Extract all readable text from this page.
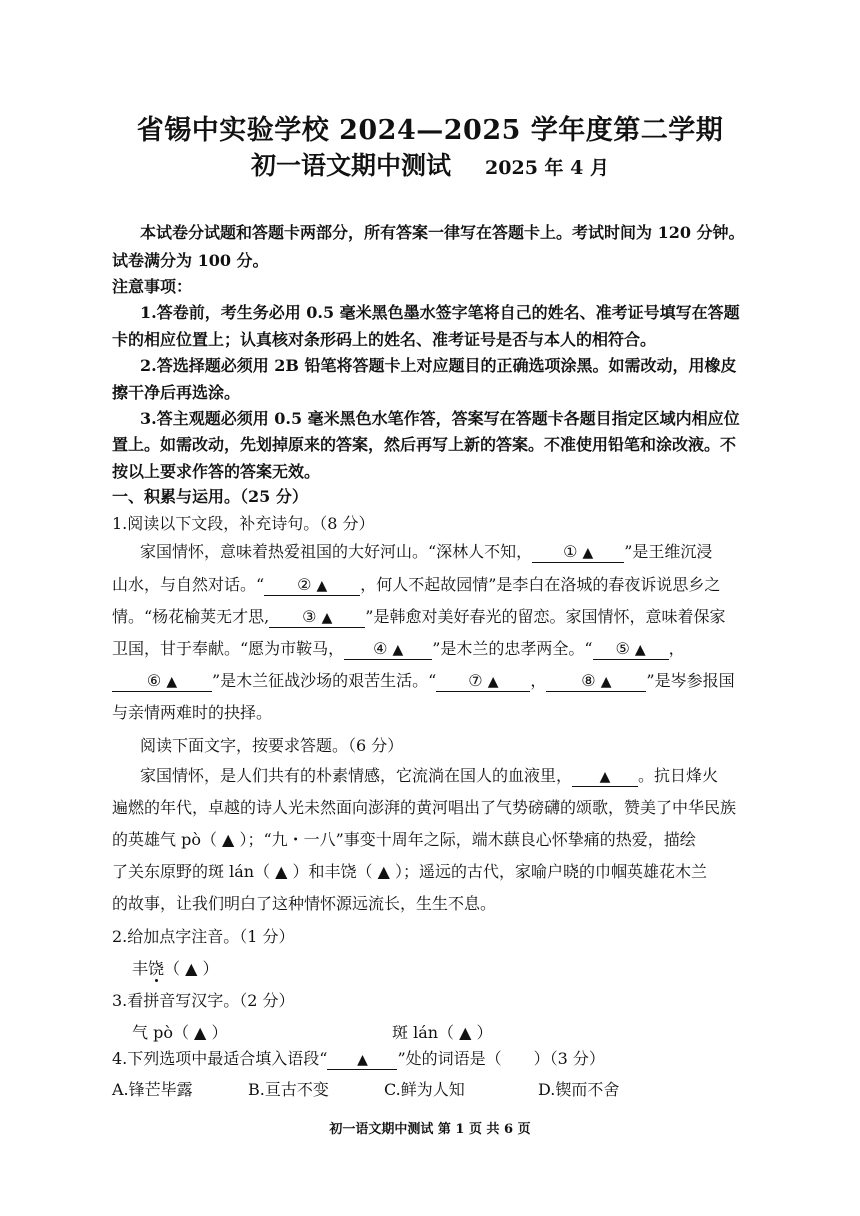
省锡中实验学校 2024—2025 学年度第二学期
初一语文期中测试 2025 年 4 月
本试卷分试题和答题卡两部分，所有答案一律写在答题卡上。考试时间为 120 分钟。
试卷满分为 100 分。
注意事项：
1.答卷前，考生务必用 0.5 毫米黑色墨水签字笔将自己的姓名、准考证号填写在答题
卡的相应位置上；认真核对条形码上的姓名、准考证号是否与本人的相符合。
2.答选择题必须用 2B 铅笔将答题卡上对应题目的正确选项涂黑。如需改动，用橡皮
擦干净后再选涂。
3.答主观题必须用 0.5 毫米黑色水笔作答，答案写在答题卡各题目指定区域内相应位
置上。如需改动，先划掉原来的答案，然后再写上新的答案。不准使用铅笔和涂改液。不
按以上要求作答的答案无效。
一、积累与运用。（25 分）
1.阅读以下文段，补充诗句。（8 分）
家国情怀，意味着热爱祖国的大好河山。“深林人不知， ① ▲ ”是王维沉浸
山水，与自然对话。“ ② ▲ ，何人不起故园情”是李白在洛城的春夜诉说思乡之
情。“杨花榆荚无才思, ③ ▲ ”是韩愈对美好春光的留恋。家国情怀，意味着保家
卫国，甘于奉献。“愿为市鞍马， ④ ▲ ”是木兰的忠孝两全。“ ⑤ ▲ ，
⑥ ▲ ”是木兰征战沙场的艰苦生活。“ ⑦ ▲ ， ⑧ ▲ ”是岑参报国
与亲情两难时的抉择。
阅读下面文字，按要求答题。（6 分）
家国情怀，是人们共有的朴素情感，它流淌在国人的血液里， ▲ 。抗日烽火
遍燃的年代，卓越的诗人光未然面向澎湃的黄河唱出了气势磅礴的颂歌，赞美了中华民族
的英雄气 pò（ ▲ ）；“九・一八”事变十周年之际，端木蕻良心怀挚痛的热爱，描绘
了关东原野的斑 lán（ ▲ ）和丰饶（ ▲ ）；遥远的古代，家喻户晓的巾帼英雄花木兰
的故事，让我们明白了这种情怀源远流长，生生不息。
2.给加点字注音。（1 分）
丰饶（ ▲ ）
3.看拼音写汉字。（2 分）
气 pò（ ▲ ）	斑 lán（ ▲ ）
4.下列选项中最适合填入语段“ ▲ ”处的词语是（　　）（3 分）
A.锋芒毕露	B.亘古不变	C.鲜为人知	D.锲而不舍
初一语文期中测试 第 1 页 共 6 页
